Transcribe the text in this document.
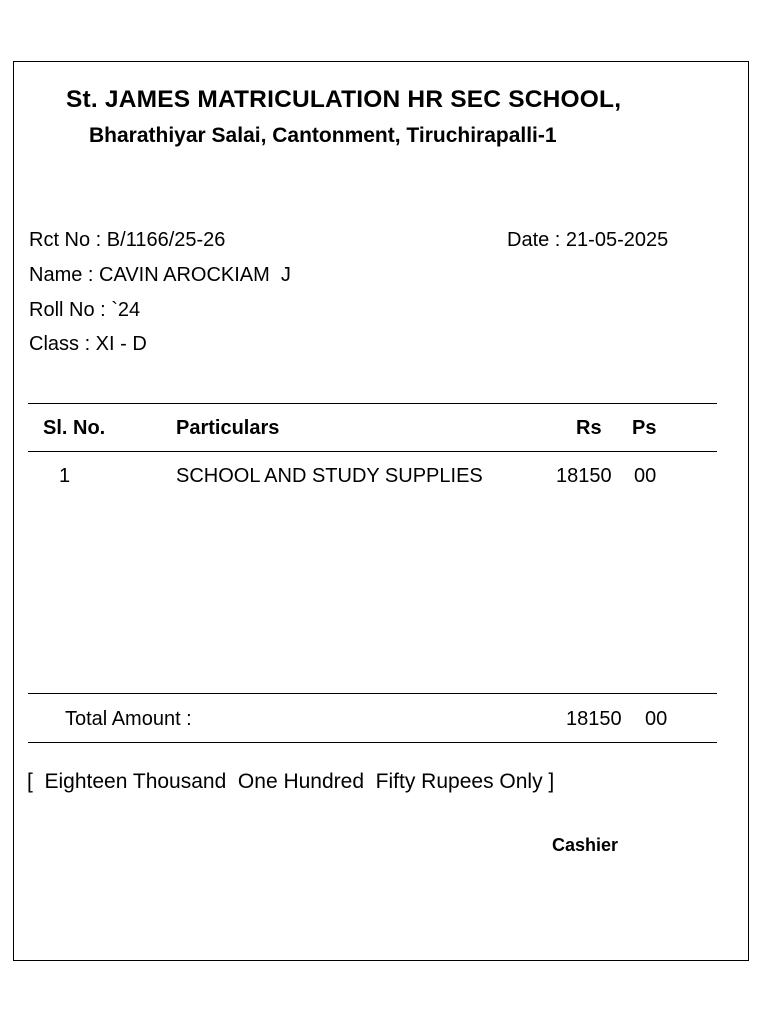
St. JAMES MATRICULATION HR SEC SCHOOL,
Bharathiyar Salai, Cantonment, Tiruchirapalli-1
Rct No : B/1166/25-26	Date : 21-05-2025
Name : CAVIN AROCKIAM  J
Roll No : `24
Class : XI - D
Sl. No.	Particulars	Rs Ps
1	SCHOOL AND STUDY SUPPLIES	18150 00
Total Amount :	18150 00
[  Eighteen Thousand  One Hundred  Fifty Rupees Only ]
Cashier
